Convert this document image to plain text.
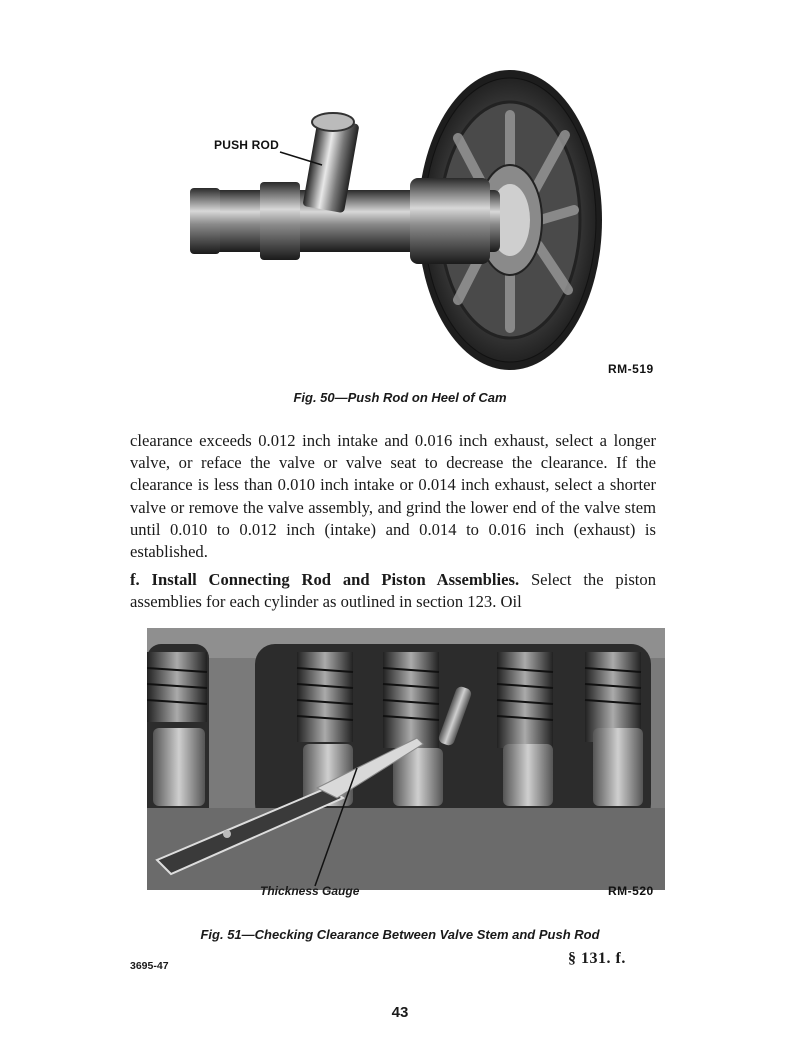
PUSH ROD
RM-519
Fig. 50—Push Rod on Heel of Cam

clearance exceeds 0.012 inch intake and 0.016 inch exhaust, select a longer valve, or reface the valve or valve seat to decrease the clearance. If the clearance is less than 0.010 inch intake or 0.014 inch exhaust, select a shorter valve or remove the valve assembly, and grind the lower end of the valve stem until 0.010 to 0.012 inch (intake) and 0.014 to 0.016 inch (exhaust) is established.

f. Install Connecting Rod and Piston Assemblies. Select the piston assemblies for each cylinder as outlined in section 123. Oil

Thickness Gauge	RM-520
Fig. 51—Checking Clearance Between Valve Stem and Push Rod
3695-47	§ 131. f.
43
